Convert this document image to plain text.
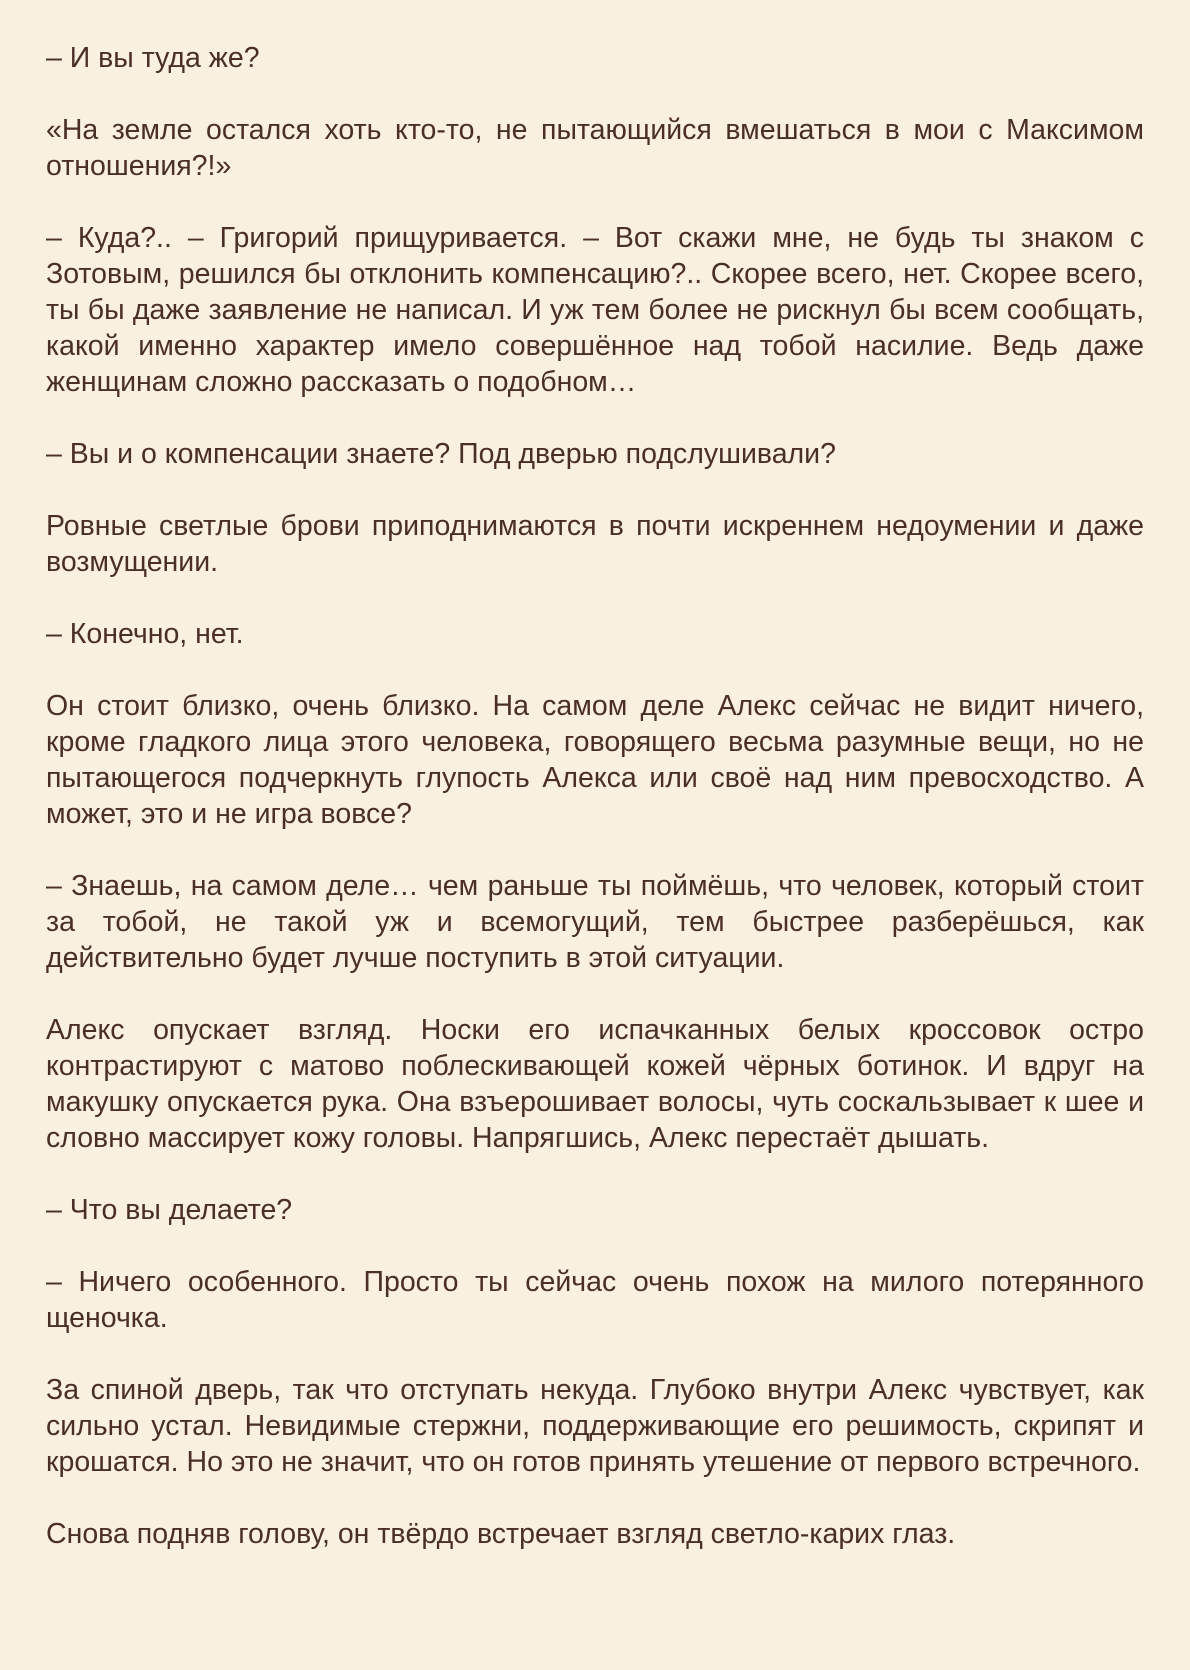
– И вы туда же?

«На земле остался хоть кто-то, не пытающийся вмешаться в мои с Максимом отношения?!»

– Куда?.. – Григорий прищуривается. – Вот скажи мне, не будь ты знаком с Зотовым, решился бы отклонить компенсацию?.. Скорее всего, нет. Скорее всего, ты бы даже заявление не написал. И уж тем более не рискнул бы всем сообщать, какой именно характер имело совершённое над тобой насилие. Ведь даже женщинам сложно рассказать о подобном…

– Вы и о компенсации знаете? Под дверью подслушивали?

Ровные светлые брови приподнимаются в почти искреннем недоумении и даже возмущении.

– Конечно, нет.

Он стоит близко, очень близко. На самом деле Алекс сейчас не видит ничего, кроме гладкого лица этого человека, говорящего весьма разумные вещи, но не пытающегося подчеркнуть глупость Алекса или своё над ним превосходство. А может, это и не игра вовсе?

– Знаешь, на самом деле… чем раньше ты поймёшь, что человек, который стоит за тобой, не такой уж и всемогущий, тем быстрее разберёшься, как действительно будет лучше поступить в этой ситуации.

Алекс опускает взгляд. Носки его испачканных белых кроссовок остро контрастируют с матово поблескивающей кожей чёрных ботинок. И вдруг на макушку опускается рука. Она взъерошивает волосы, чуть соскальзывает к шее и словно массирует кожу головы. Напрягшись, Алекс перестаёт дышать.

– Что вы делаете?

– Ничего особенного. Просто ты сейчас очень похож на милого потерянного щеночка.

За спиной дверь, так что отступать некуда. Глубоко внутри Алекс чувствует, как сильно устал. Невидимые стержни, поддерживающие его решимость, скрипят и крошатся. Но это не значит, что он готов принять утешение от первого встречного.

Снова подняв голову, он твёрдо встречает взгляд светло-карих глаз.
